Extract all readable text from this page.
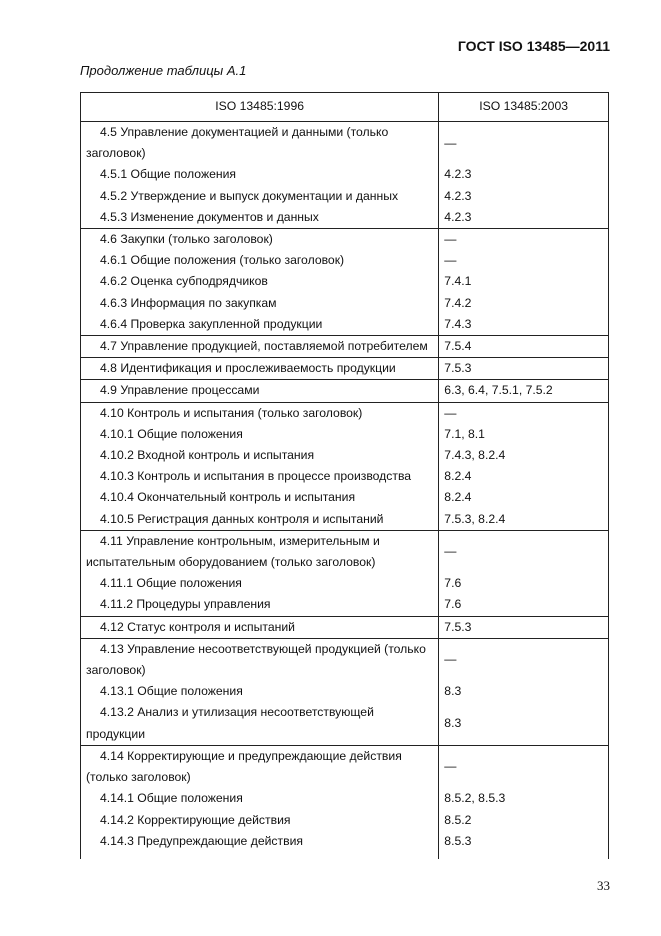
ГОСТ ISO 13485—2011
Продолжение таблицы А.1
ISO 13485:1996	ISO 13485:2003
4.5 Управление документацией и данными (только заголовок)	—
4.5.1 Общие положения	4.2.3
4.5.2 Утверждение и выпуск документации и данных	4.2.3
4.5.3 Изменение документов и данных	4.2.3
4.6 Закупки (только заголовок)	—
4.6.1 Общие положения (только заголовок)	—
4.6.2 Оценка субподрядчиков	7.4.1
4.6.3 Информация по закупкам	7.4.2
4.6.4 Проверка закупленной продукции	7.4.3
4.7 Управление продукцией, поставляемой потребителем	7.5.4
4.8 Идентификация и прослеживаемость продукции	7.5.3
4.9 Управление процессами	6.3, 6.4, 7.5.1, 7.5.2
4.10 Контроль и испытания (только заголовок)	—
4.10.1 Общие положения	7.1, 8.1
4.10.2 Входной контроль и испытания	7.4.3, 8.2.4
4.10.3 Контроль и испытания в процессе производства	8.2.4
4.10.4 Окончательный контроль и испытания	8.2.4
4.10.5 Регистрация данных контроля и испытаний	7.5.3, 8.2.4
4.11 Управление контрольным, измерительным и испытательным оборудованием (только заголовок)	—
4.11.1 Общие положения	7.6
4.11.2 Процедуры управления	7.6
4.12 Статус контроля и испытаний	7.5.3
4.13 Управление несоответствующей продукцией (только заголовок)	—
4.13.1 Общие положения	8.3
4.13.2 Анализ и утилизация несоответствующей продукции	8.3
4.14 Корректирующие и предупреждающие действия (только заголовок)	—
4.14.1 Общие положения	8.5.2, 8.5.3
4.14.2 Корректирующие действия	8.5.2
4.14.3 Предупреждающие действия	8.5.3
33
